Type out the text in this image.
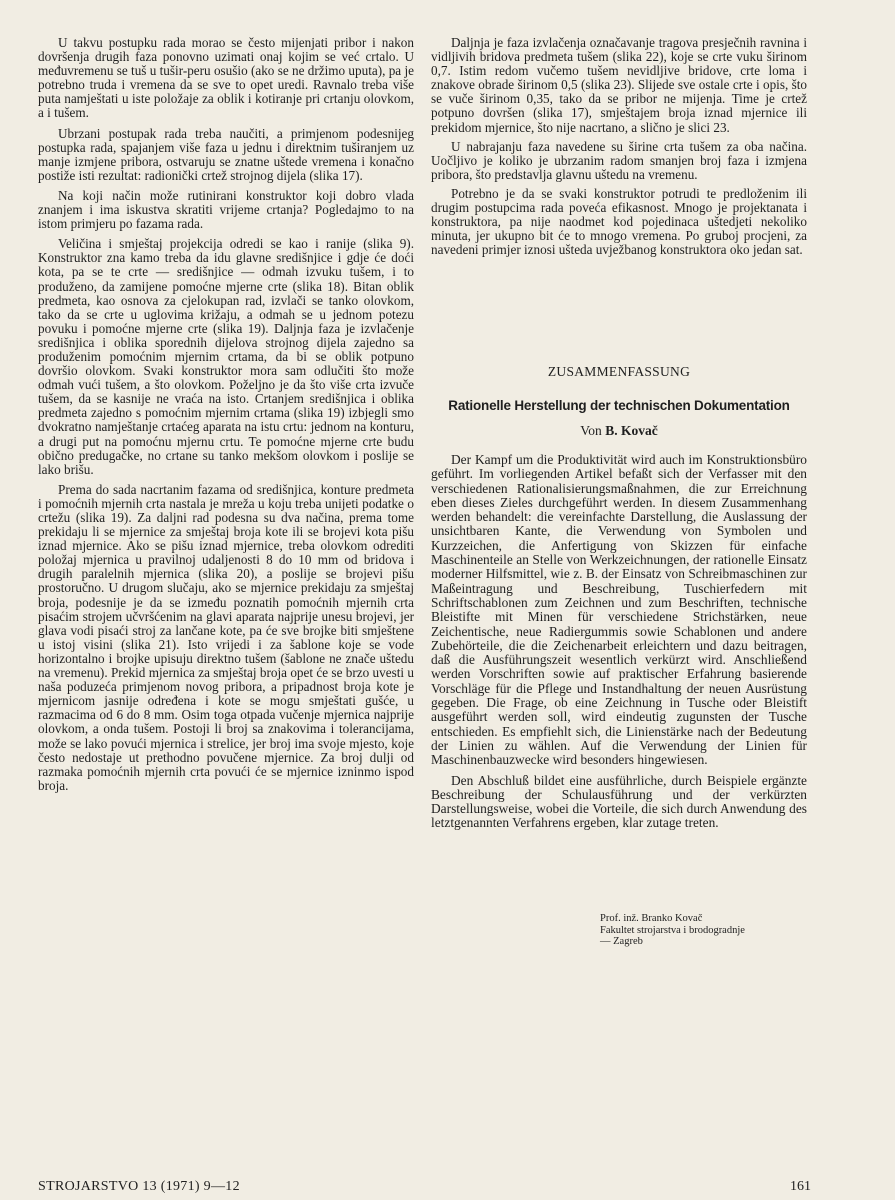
U takvu postupku rada morao se često mijenjati pribor i nakon dovršenja drugih faza ponovno uzimati onaj kojim se već crtalo. U međuvremenu se tuš u tušir-peru osušio (ako se ne držimo uputa), pa je potrebno truda i vremena da se sve to opet uredi. Ravnalo treba više puta namještati u iste položaje za oblik i kotiranje pri crtanju olovkom, a i tušem.

Ubrzani postupak rada treba naučiti, a primjenom podesnijeg postupka rada, spajanjem više faza u jednu i direktnim tuširanjem uz manje izmjene pribora, ostvaruju se znatne uštede vremena i konačno postiže isti rezultat: radionički crtež strojnog dijela (slika 17).

Na koji način može rutinirani konstruktor koji dobro vlada znanjem i ima iskustva skratiti vrijeme crtanja? Pogledajmo to na istom primjeru po fazama rada.

Veličina i smještaj projekcija odredi se kao i ranije (slika 9). Konstruktor zna kamo treba da idu glavne središnjice i gdje će doći kota, pa se te crte — središnjice — odmah izvuku tušem, i to produženo, da zamijene pomoćne mjerne crte (slika 18). Bitan oblik predmeta, kao osnova za cjelokupan rad, izvlači se tanko olovkom, tako da se crte u uglovima križaju, a odmah se u jednom potezu povuku i pomoćne mjerne crte (slika 19). Daljnja faza je izvlačenje središnjica i oblika sporednih dijelova strojnog dijela zajedno sa produženim pomoćnim mjernim crtama, da bi se oblik potpuno dovršio olovkom. Svaki konstruktor mora sam odlučiti što može odmah vući tušem, a što olovkom. Poželjno je da što više crta izvuče tušem, da se kasnije ne vraća na isto. Crtanjem središnjica i oblika predmeta zajedno s pomoćnim mjernim crtama (slika 19) izbjegli smo dvokratno namještanje crtaćeg aparata na istu crtu: jednom na konturu, a drugi put na pomoćnu mjernu crtu. Te pomoćne mjerne crte budu obično predugačke, no crtane su tanko mekšom olovkom i poslije se lako brišu.

Prema do sada nacrtanim fazama od središnjica, konture predmeta i pomoćnih mjernih crta nastala je mreža u koju treba unijeti podatke o crtežu (slika 19). Za daljni rad podesna su dva načina, prema tome prekidaju li se mjernice za smještaj broja kote ili se brojevi kota pišu iznad mjernice. Ako se pišu iznad mjernice, treba olovkom odrediti položaj mjernica u pravilnoj udaljenosti 8 do 10 mm od bridova i drugih paralelnih mjernica (slika 20), a poslije se brojevi pišu prostoručno. U drugom slučaju, ako se mjernice prekidaju za smještaj broja, podesnije je da se između poznatih pomoćnih mjernih crta pisaćim strojem učvršćenim na glavi aparata najprije unesu brojevi, jer glava vodi pisaći stroj za lančane kote, pa će sve brojke biti smještene u istoj visini (slika 21). Isto vrijedi i za šablone koje se vode horizontalno i brojke upisuju direktno tušem (šablone ne znače uštedu na vremenu). Prekid mjernica za smještaj broja opet će se brzo uvesti u naša poduzeća primjenom novog pribora, a pripadnost broja kote je mjernicom jasnije određena i kote se mogu smještati gušće, u razmacima od 6 do 8 mm. Osim toga otpada vučenje mjernica najprije olovkom, a onda tušem. Postoji li broj sa znakovima i tolerancijama, može se lako povući mjernica i strelice, jer broj ima svoje mjesto, koje često nedostaje ut prethodno povučene mjernice. Za broj dulji od razmaka pomoćnih mjernih crta povući će se mjernice izninmo ispod broja.

Daljnja je faza izvlačenja označavanje tragova presječnih ravnina i vidljivih bridova predmeta tušem (slika 22), koje se crte vuku širinom 0,7. Istim redom vučemo tušem nevidljive bridove, crte loma i znakove obrade širinom 0,5 (slika 23). Slijede sve ostale crte i opis, što se vuče širinom 0,35, tako da se pribor ne mijenja. Time je crtež potpuno dovršen (slika 17), smještajem broja iznad mjernice ili prekidom mjernice, što nije nacrtano, a slično je slici 23.

U nabrajanju faza navedene su širine crta tušem za oba načina. Uočljivo je koliko je ubrzanim radom smanjen broj faza i izmjena pribora, što predstavlja glavnu uštedu na vremenu.

Potrebno je da se svaki konstruktor potrudi te predloženim ili drugim postupcima rada poveća efikasnost. Mnogo je projektanata i konstruktora, pa nije naodmet kod pojedinaca uštedjeti nekoliko minuta, jer ukupno bit će to mnogo vremena. Po gruboj procjeni, za navedeni primjer iznosi ušteda uvježbanog konstruktora oko jedan sat.

ZUSAMMENFASSUNG
Rationelle Herstellung der technischen Dokumentation
Von B. Kovač

Der Kampf um die Produktivität wird auch im Konstruktionsbüro geführt. Im vorliegenden Artikel befaßt sich der Verfasser mit den verschiedenen Rationalisierungsmaßnahmen, die zur Erreichnung eben dieses Zieles durchgeführt werden. In diesem Zusammenhang werden behandelt: die vereinfachte Darstellung, die Auslassung der unsichtbaren Kante, die Verwendung von Symbolen und Kurzzeichen, die Anfertigung von Skizzen für einfache Maschinenteile an Stelle von Werkzeichnungen, der rationelle Einsatz moderner Hilfsmittel, wie z. B. der Einsatz von Schreibmaschinen zur Maßeintragung und Beschreibung, Tuschierfedern mit Schriftschablonen zum Zeichnen und zum Beschriften, technische Bleistifte mit Minen für verschiedene Strichstärken, neue Zeichentische, neue Radiergummis sowie Schablonen und andere Zubehörteile, die die Zeichenarbeit erleichtern und dazu beitragen, daß die Ausführungszeit wesentlich verkürzt wird. Anschließend werden Vorschriften sowie auf praktischer Erfahrung basierende Vorschläge für die Pflege und Instandhaltung der neuen Ausrüstung gegeben. Die Frage, ob eine Zeichnung in Tusche oder Bleistift ausgeführt werden soll, wird eindeutig zugunsten der Tusche entschieden. Es empfiehlt sich, die Linienstärke nach der Bedeutung der Linien zu wählen. Auf die Verwendung der Linien für Maschinenbauzwecke wird besonders hingewiesen.

Den Abschluß bildet eine ausführliche, durch Beispiele ergänzte Beschreibung der Schulausführung und der verkürzten Darstellungsweise, wobei die Vorteile, die sich durch Anwendung des letztgenannten Verfahrens ergeben, klar zutage treten.

Prof. inž. Branko Kovač
Fakultet strojarstva i brodogradnje
— Zagreb
STROJARSTVO 13 (1971) 9—12	161
